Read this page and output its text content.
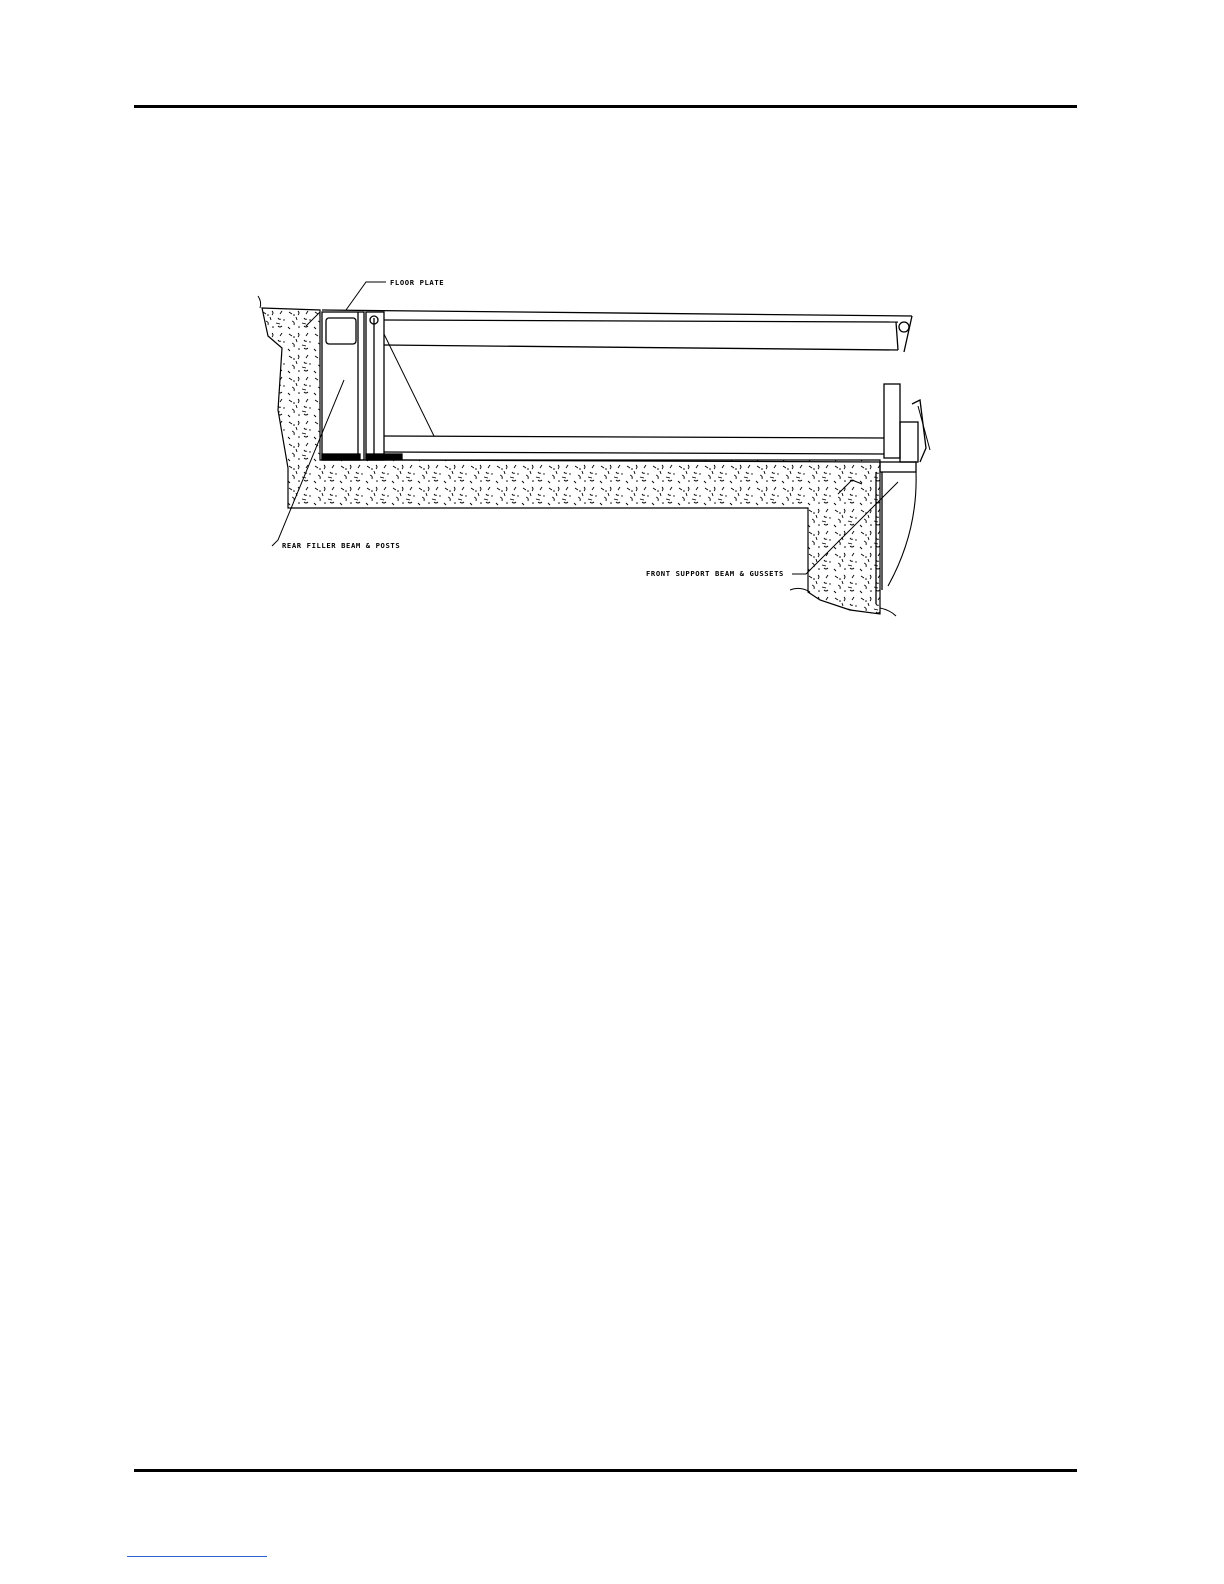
FLOOR PLATE
REAR FILLER BEAM & POSTS
FRONT SUPPORT BEAM & GUSSETS
